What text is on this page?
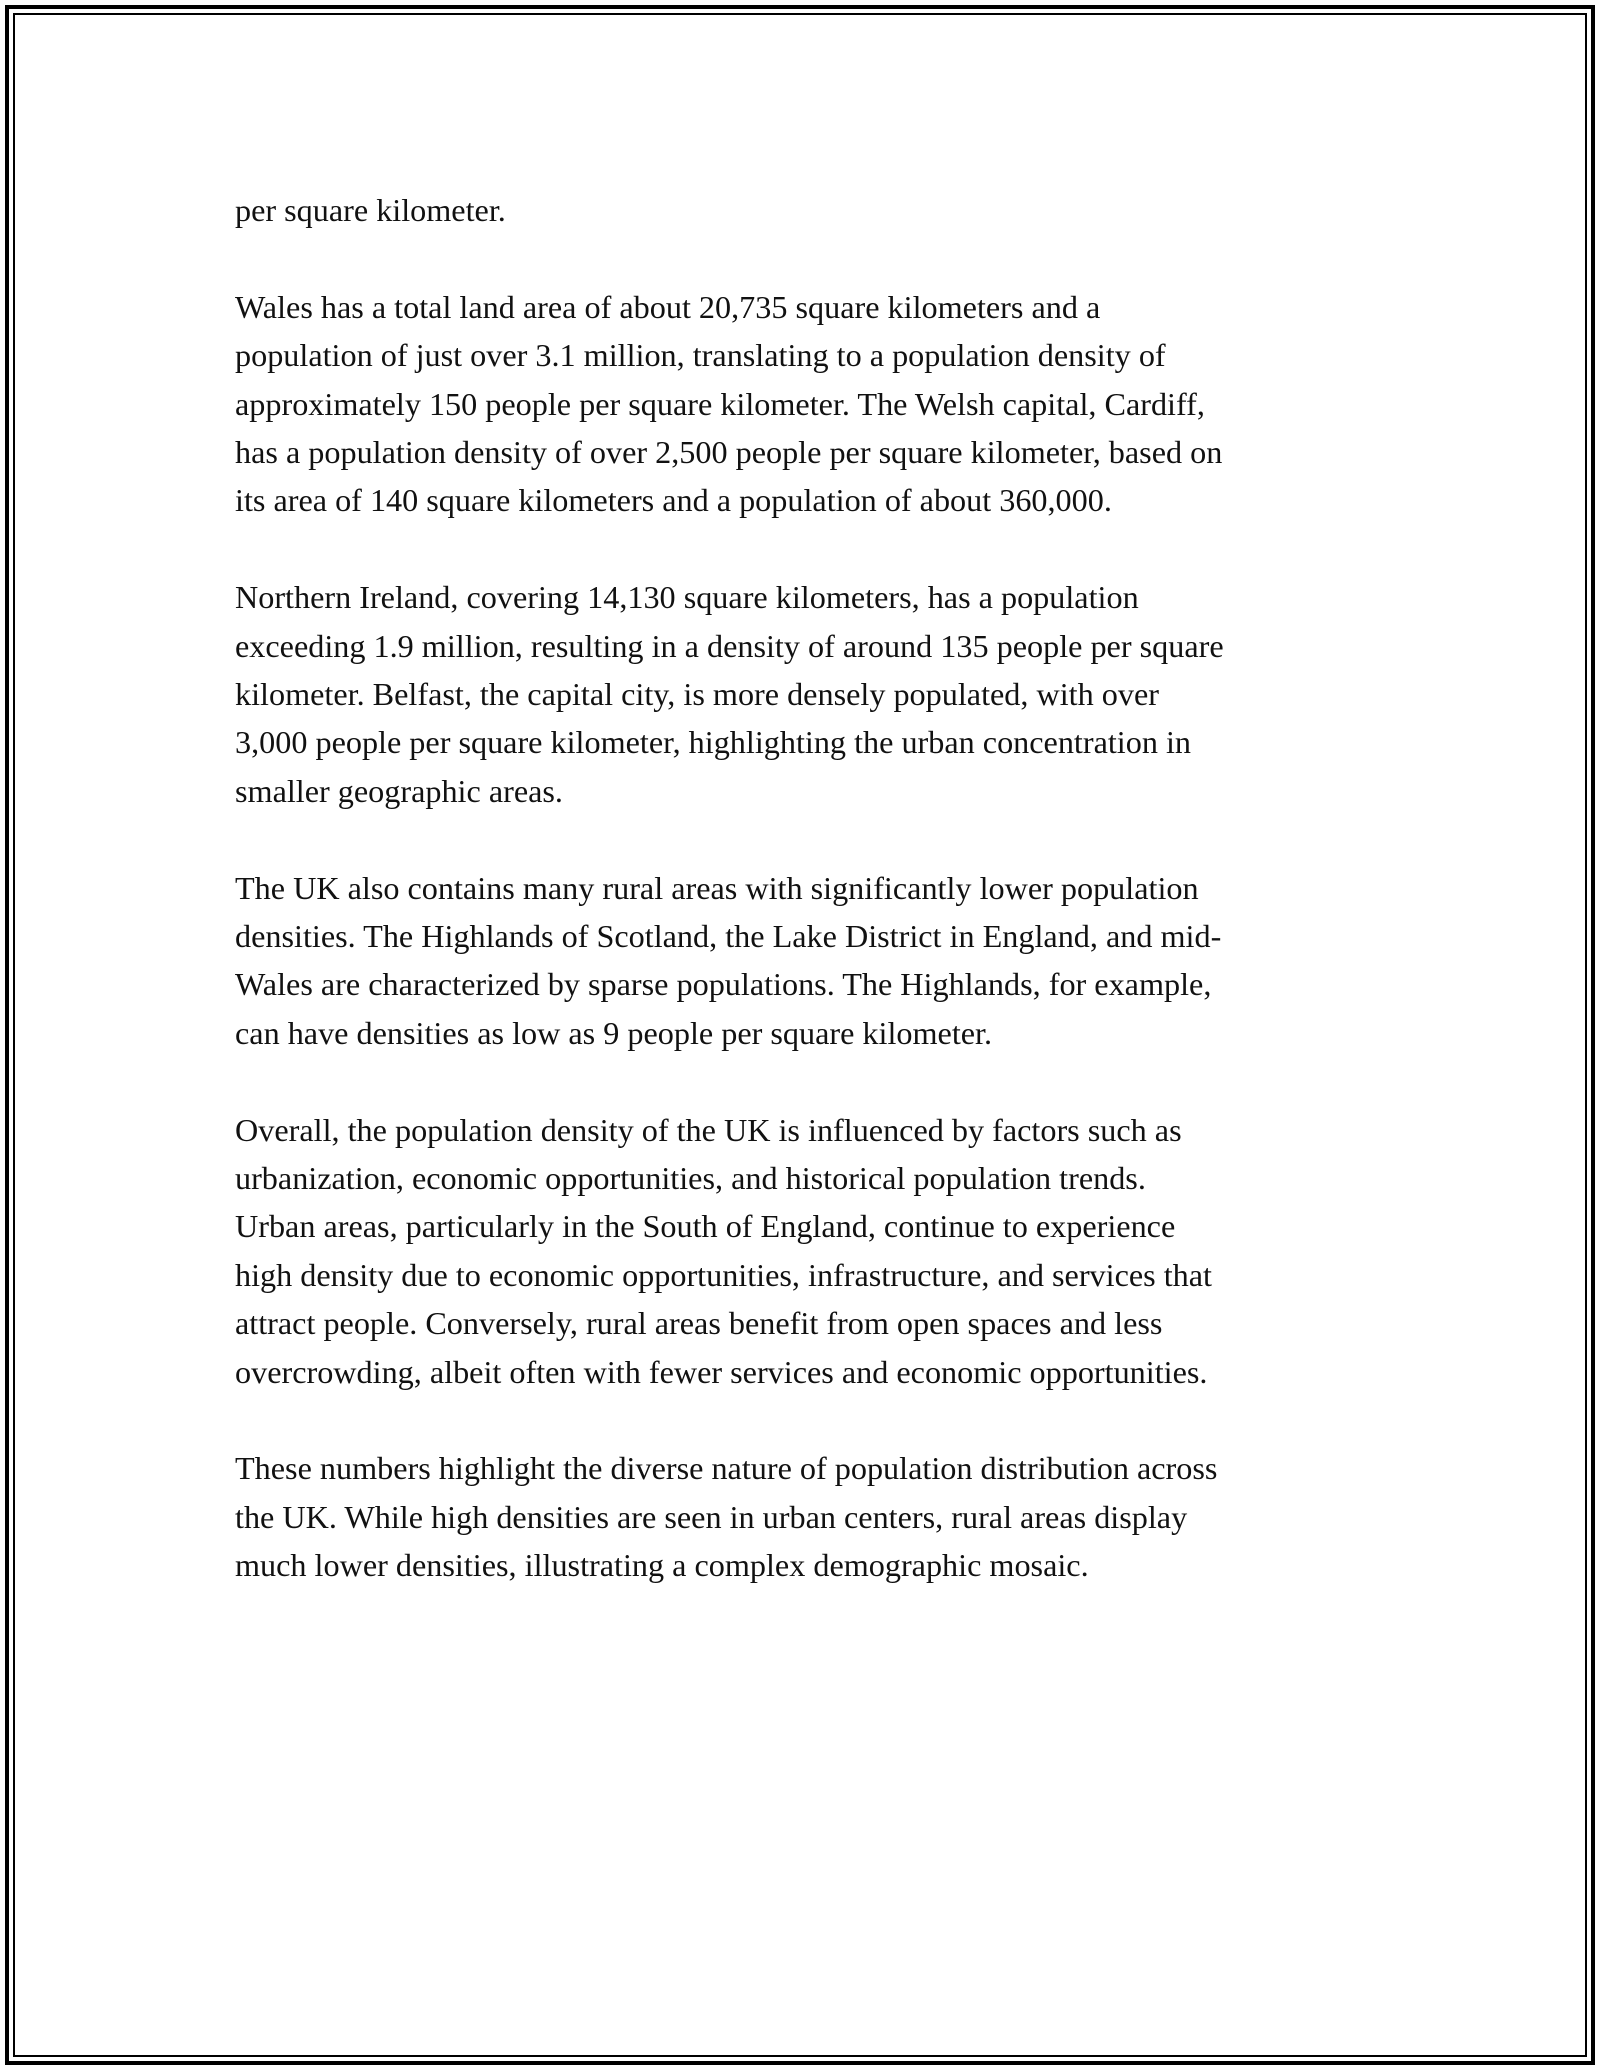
per square kilometer.

Wales has a total land area of about 20,735 square kilometers and a
population of just over 3.1 million, translating to a population density of
approximately 150 people per square kilometer. The Welsh capital, Cardiff,
has a population density of over 2,500 people per square kilometer, based on
its area of 140 square kilometers and a population of about 360,000.

Northern Ireland, covering 14,130 square kilometers, has a population
exceeding 1.9 million, resulting in a density of around 135 people per square
kilometer. Belfast, the capital city, is more densely populated, with over
3,000 people per square kilometer, highlighting the urban concentration in
smaller geographic areas.

The UK also contains many rural areas with significantly lower population
densities. The Highlands of Scotland, the Lake District in England, and mid-
Wales are characterized by sparse populations. The Highlands, for example,
can have densities as low as 9 people per square kilometer.

Overall, the population density of the UK is influenced by factors such as
urbanization, economic opportunities, and historical population trends.
Urban areas, particularly in the South of England, continue to experience
high density due to economic opportunities, infrastructure, and services that
attract people. Conversely, rural areas benefit from open spaces and less
overcrowding, albeit often with fewer services and economic opportunities.

These numbers highlight the diverse nature of population distribution across
the UK. While high densities are seen in urban centers, rural areas display
much lower densities, illustrating a complex demographic mosaic.
